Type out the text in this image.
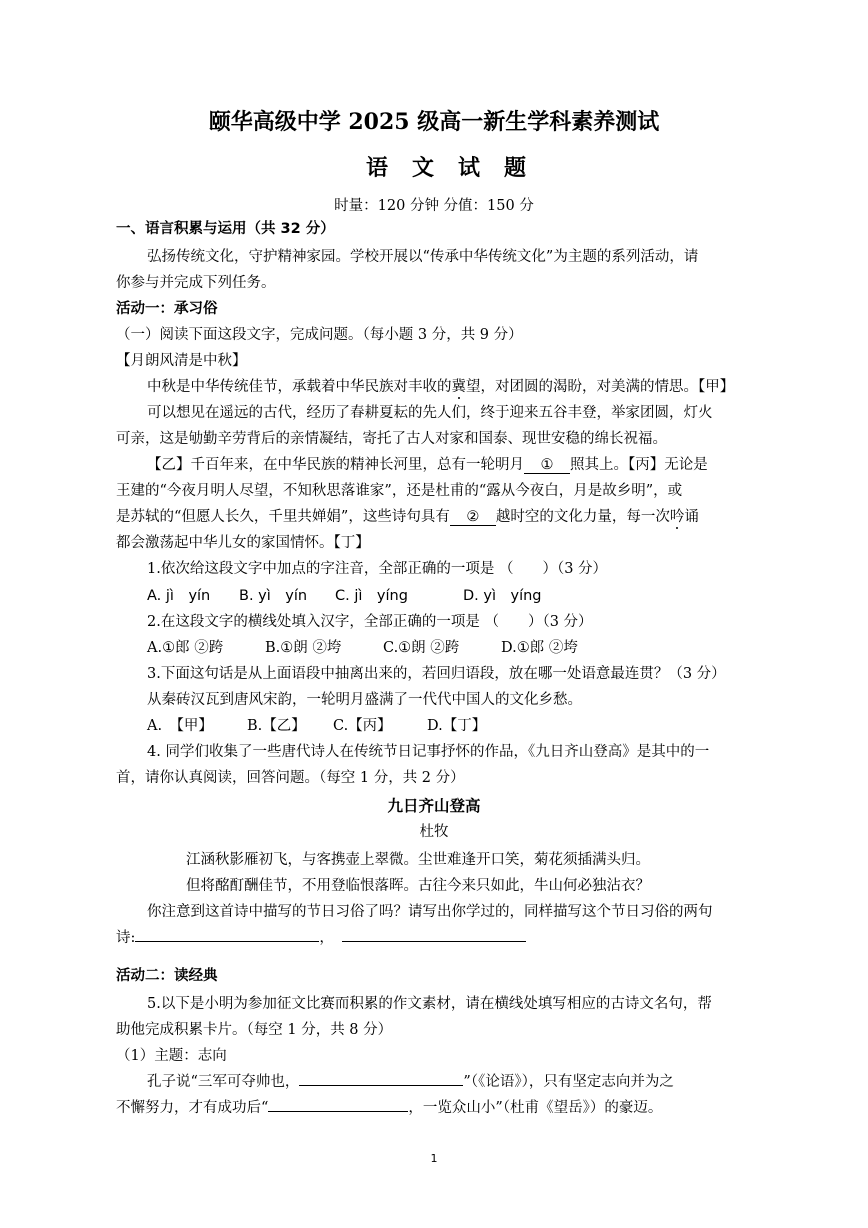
颐华高级中学 2025 级高一新生学科素养测试
语文试题
时量：120 分钟 分值：150 分
一、语言积累与运用（共 32 分）
弘扬传统文化，守护精神家园。学校开展以“传承中华传统文化”为主题的系列活动，请
你参与并完成下列任务。
活动一：承习俗
（一）阅读下面这段文字，完成问题。（每小题 3 分，共 9 分）
【月朗风清是中秋】
中秋是中华传统佳节，承载着中华民族对丰收的冀望，对团圆的渴盼，对美满的情思。【甲】
可以想见在遥远的古代，经历了春耕夏耘的先人们，终于迎来五谷丰登，举家团圆，灯火
可亲，这是劬勤辛劳背后的亲情凝结，寄托了古人对家和国泰、现世安稳的绵长祝福。
【乙】千百年来，在中华民族的精神长河里，总有一轮明月 ① 照其上。【丙】无论是
王建的“今夜月明人尽望，不知秋思落谁家”，还是杜甫的“露从今夜白，月是故乡明”，或
是苏轼的“但愿人长久，千里共婵娟”，这些诗句具有 ② 越时空的文化力量，每一次吟诵
都会激荡起中华儿女的家国情怀。【丁】
1.依次给这段文字中加点的字注音，全部正确的一项是 （　　）（3 分）
A. jì　yín B. yì　yín C. jì　yíng	D. yì　yíng
2.在这段文字的横线处填入汉字，全部正确的一项是 （　　）（3 分）
A.①郎 ②跨	B.①朗 ②垮	C.①朗 ②跨	D.①郎 ②垮
3.下面这句话是从上面语段中抽离出来的，若回归语段，放在哪一处语意最连贯？（3 分）
从秦砖汉瓦到唐风宋韵，一轮明月盛满了一代代中国人的文化乡愁。
A.　【甲】 B.【乙】 C.【丙】 D.【丁】
4. 同学们收集了一些唐代诗人在传统节日记事抒怀的作品，《九日齐山登高》是其中的一
首，请你认真阅读，回答问题。（每空 1 分，共 2 分）
九日齐山登高
杜牧
江涵秋影雁初飞，与客携壶上翠微。尘世难逢开口笑，菊花须插满头归。
但将酩酊酬佳节，不用登临恨落晖。古往今来只如此，牛山何必独沾衣？
你注意到这首诗中描写的节日习俗了吗？请写出你学过的，同样描写这个节日习俗的两句
诗:	，
活动二：读经典
5.以下是小明为参加征文比赛而积累的作文素材，请在横线处填写相应的古诗文名句，帮
助他完成积累卡片。（每空 1 分，共 8 分）
（1）主题：志向
孔子说“三军可夺帅也，	”（《论语》），只有坚定志向并为之
不懈努力，才有成功后“	，一览众山小”（杜甫《望岳》）的豪迈。
1
